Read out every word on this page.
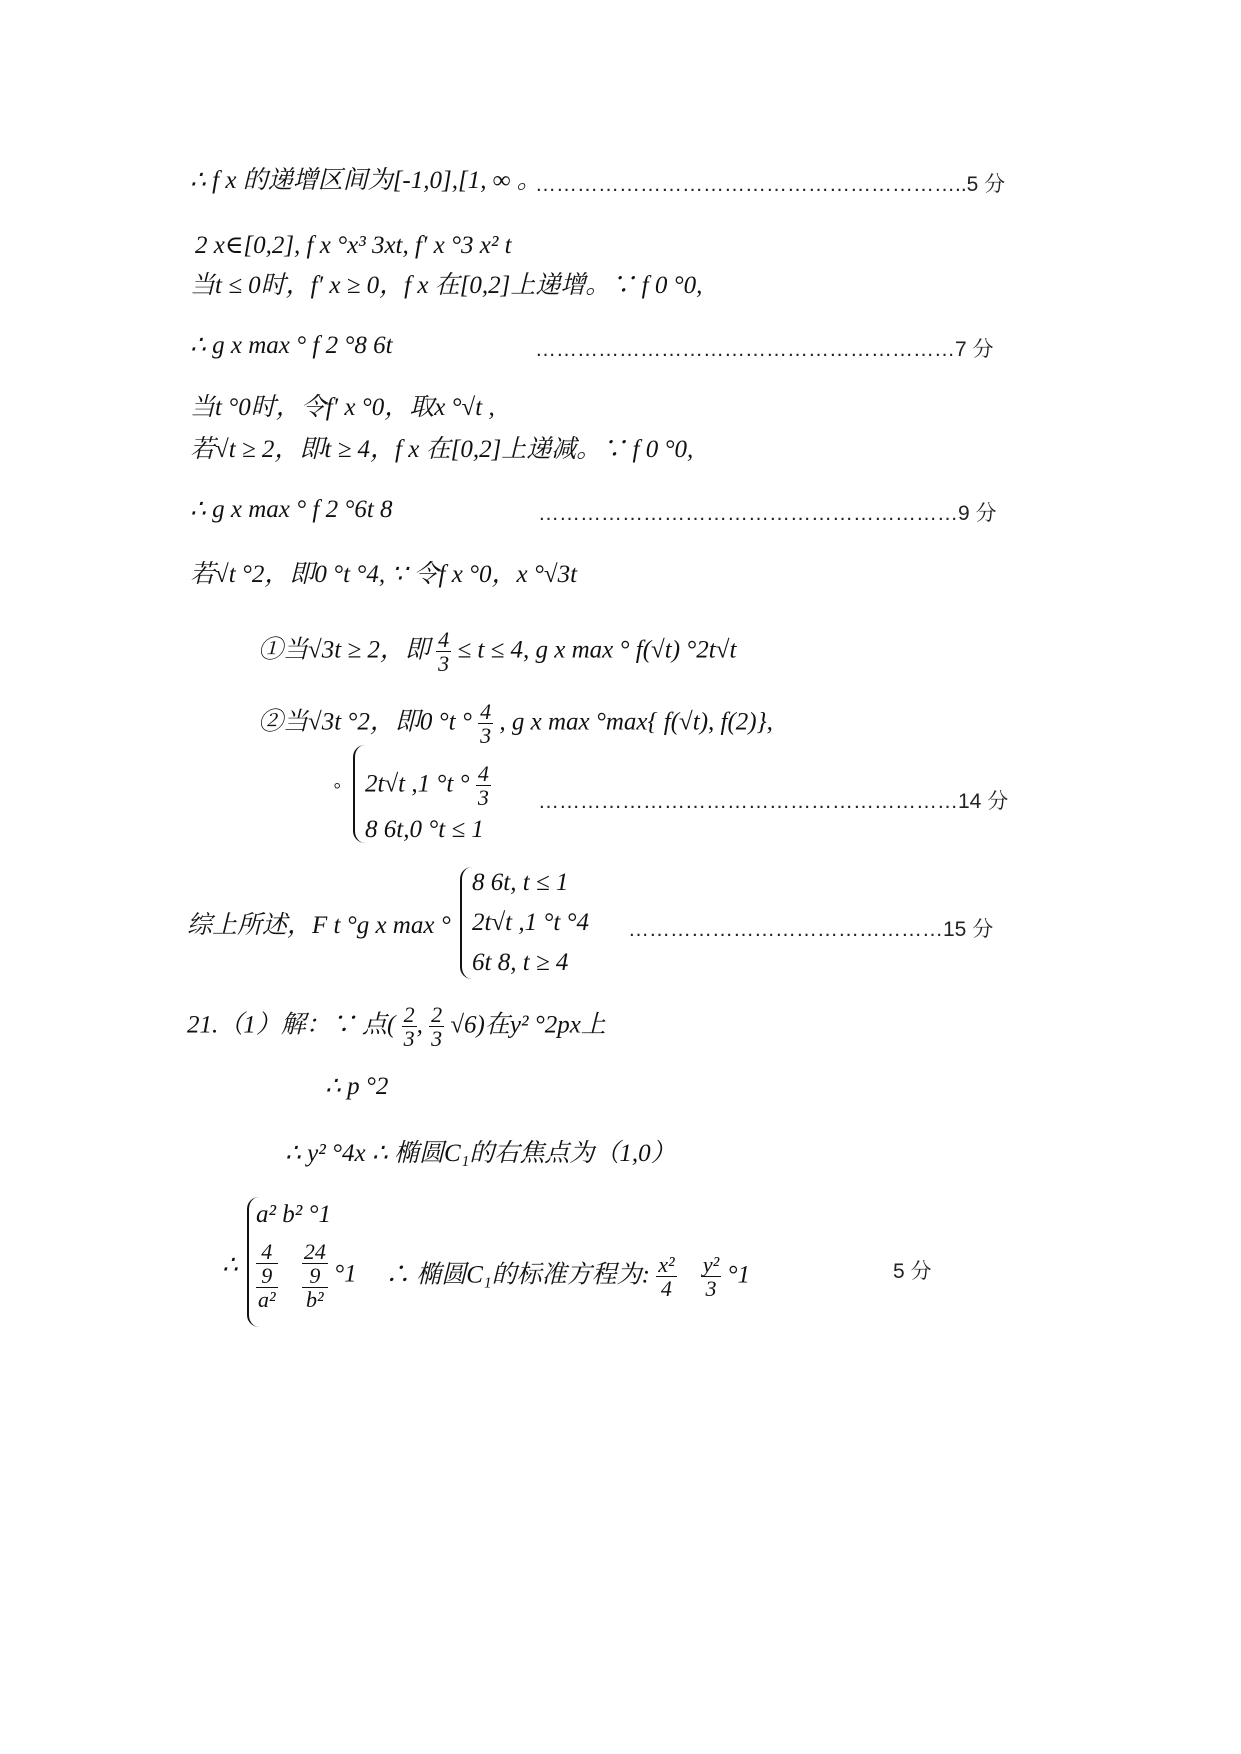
∴ f x 的递增区间为[-1,0],[1, ∞ 。
……………………………………………………..5 分
2 x∈[0,2], f x °x³ 3xt, f′ x °3 x² t
当t ≤ 0时，f′ x ≥ 0，f x 在[0,2]上递增。∵ f 0 °0,
∴ g x max ° f 2 °8 6t	……………………………………………………7 分
当t °0时，令f′ x °0，取x °√t ,
若√t ≥ 2，即t ≥ 4，f x 在[0,2]上递减。∵ f 0 °0,
∴ g x max ° f 2 °6t 8	……………………………………………………9 分
若√t °2，即0 °t °4, ∵ 令f x °0，x °√3t
①当√3t ≥ 2，即 $\frac{4}{3} \le t \le 4$, g x max ° f(√t) °2t√t
②当√3t °2，即0 °t ° $\frac{4}{3}$ , g x max °max{ f(√t), f(2)},
° 2t√t ,1 °t ° $\frac{4}{3}$
8 6t,0 °t ≤ 1
……………………………………………………14 分
综上所述，F t °g x max °
8 6t, t ≤ 1
2t√t ,1 °t °4
6t 8, t ≥ 4
………………………………………15 分
21.（1）解：∵ 点( $\frac{2}{3}$ , $\frac{2}{3} √6$)在y² °2px上
∴ p °2
∴ y² °4x ∴ 椭圆C₁的右焦点为（1,0）
a² b² °1
∴
4
9
a²

24
9
b²
°1 ∴ 椭圆C₁的标准方程为: $\frac{\text{x²}}{4}$
$\frac{\text{y²}}{3} ^\circ 1$	5 分
